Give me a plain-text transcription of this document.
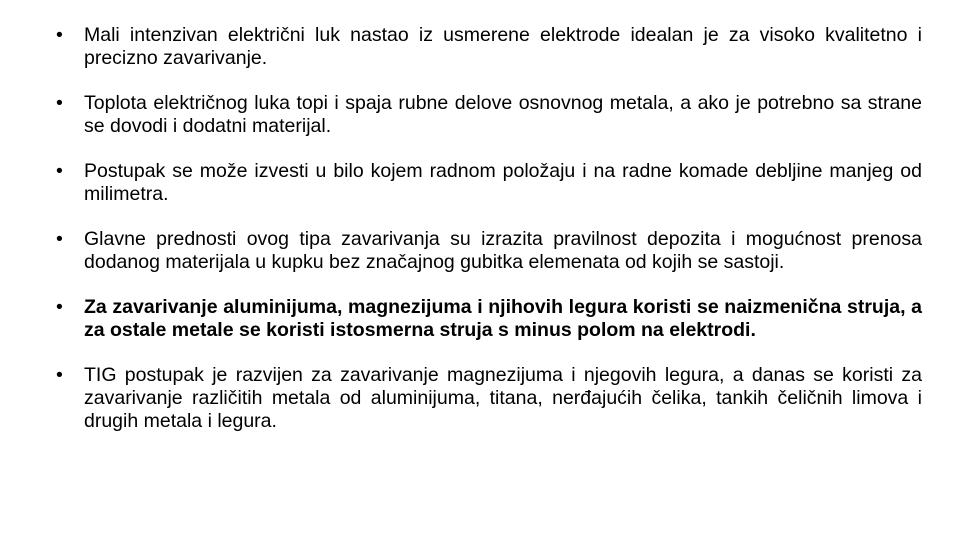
•	Mali intenzivan električni luk nastao iz usmerene elektrode idealan je za visoko kvalitetno i precizno zavarivanje.
•	Toplota električnog luka topi i spaja rubne delove osnovnog metala, a ako je potrebno sa strane se dovodi i dodatni materijal.
•	Postupak se može izvesti u bilo kojem radnom položaju i na radne komade debljine manjeg od milimetra.
•	Glavne prednosti ovog tipa zavarivanja su izrazita pravilnost depozita i mogućnost prenosa dodanog materijala u kupku bez značajnog gubitka elemenata od kojih se sastoji.
•	Za zavarivanje aluminijuma, magnezijuma i njihovih legura koristi se naizmenična struja, a za ostale metale se koristi istosmerna struja s minus polom na elektrodi.
•	TIG postupak je razvijen za zavarivanje magnezijuma i njegovih legura, a danas se koristi za zavarivanje različitih metala od aluminijuma, titana, nerđajućih čelika, tankih čeličnih limova i drugih metala i legura.
